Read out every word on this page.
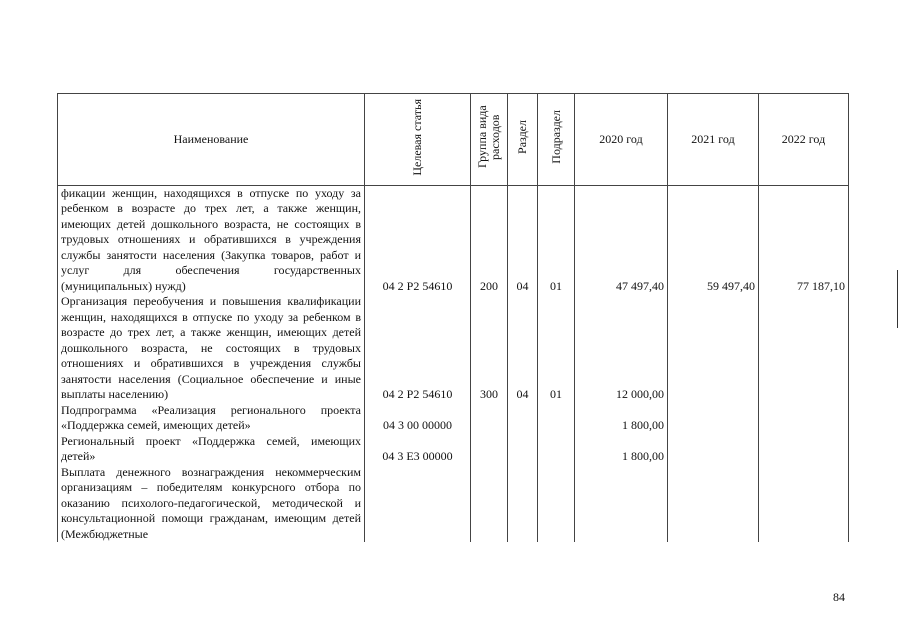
Наименование	Целевая статья	Группа вида расходов	Раздел	Подраздел	2020 год	2021 год	2022 год
фикации женщин, находящихся в отпуске по уходу за ребенком в возрасте до трех лет, а также женщин, имеющих детей дошкольного возраста, не состоящих в трудовых отношениях и обратившихся в учреждения службы занятости населения (Закупка товаров, работ и услуг для обеспечения государственных (муниципальных) нужд)	04 2 P2 54610	200	04	01	47 497,40	59 497,40	77 187,10
Организация переобучения и повышения квалификации женщин, находящихся в отпуске по уходу за ребенком в возрасте до трех лет, а также женщин, имеющих детей дошкольного возраста, не состоящих в трудовых отношениях и обратившихся в учреждения службы занятости населения (Социальное обеспечение и иные выплаты населению)	04 2 P2 54610	300	04	01	12 000,00		
Подпрограмма «Реализация регионального проекта «Поддержка семей, имеющих детей»	04 3 00 00000				1 800,00		
Региональный проект «Поддержка семей, имеющих детей»	04 3 E3 00000				1 800,00		
Выплата денежного вознаграждения некоммерческим организациям – победителям конкурсного отбора по оказанию психолого-педагогической, методической и консультационной помощи гражданам, имеющим детей (Межбюджетные							
84
